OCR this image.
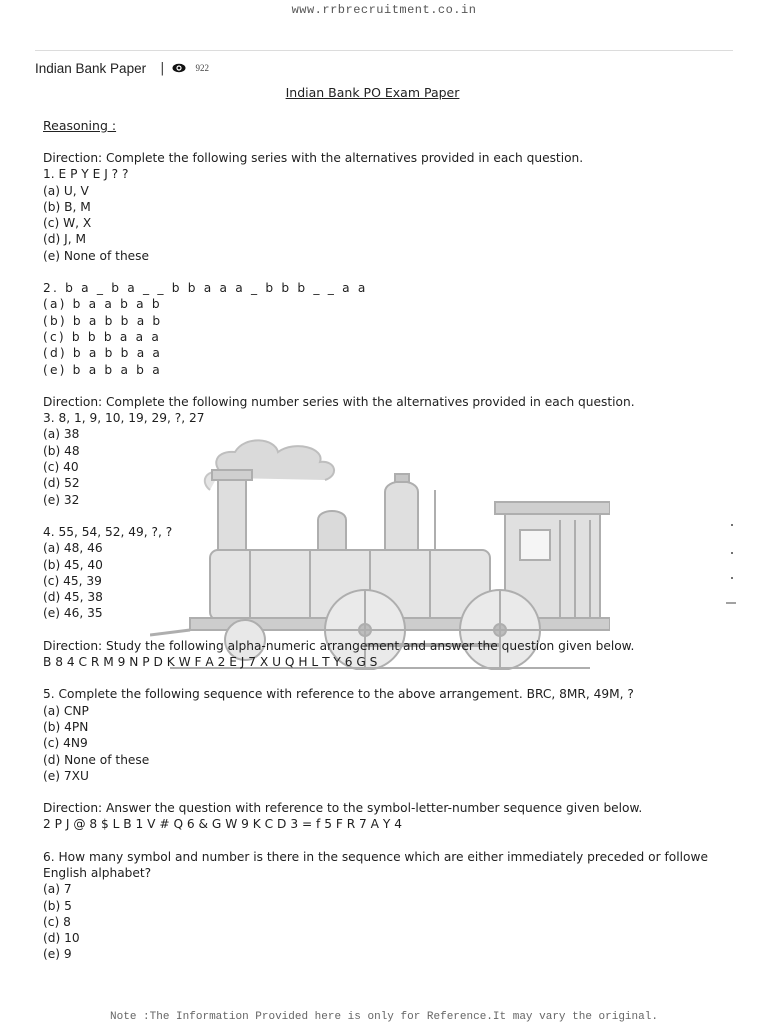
www.rrbrecruitment.co.in
Indian Bank Paper |	922
Indian Bank PO Exam Paper
Reasoning :
Direction: Complete the following series with the alternatives provided in each question.
1. E P Y E J ? ?
(a) U, V
(b) B, M
(c) W, X
(d) J, M
(e) None of these
2. b a _ b a _ _ b b a a a _ b b b _ _ a a
(a) b a a b a b
(b) b a b b a b
(c) b b b a a a
(d) b a b b a a
(e) b a b a b a
Direction: Complete the following number series with the alternatives provided in each question.
3. 8, 1, 9, 10, 19, 29, ?, 27
(a) 38
(b) 48
(c) 40
(d) 52
(e) 32
4. 55, 54, 52, 49, ?, ?
(a) 48, 46
(b) 45, 40
(c) 45, 39
(d) 45, 38
(e) 46, 35
Direction: Study the following alpha-numeric arrangement and answer the question given below.
B 8 4 C R M 9 N P D K W F A 2 E J 7 X U Q H L T Y 6 G S
5. Complete the following sequence with reference to the above arrangement. BRC, 8MR, 49M, ?
(a) CNP
(b) 4PN
(c) 4N9
(d) None of these
(e) 7XU
Direction: Answer the question with reference to the symbol-letter-number sequence given below.
2 P J @ 8 $ L B 1 V # Q 6 & G W 9 K C D 3 = f 5 F R 7 A Y 4
6. How many symbol and number is there in the sequence which are either immediately preceded or followe
English alphabet?
(a) 7
(b) 5
(c) 8
(d) 10
(e) 9
Note :The Information Provided here is only for Reference.It may vary the original.
